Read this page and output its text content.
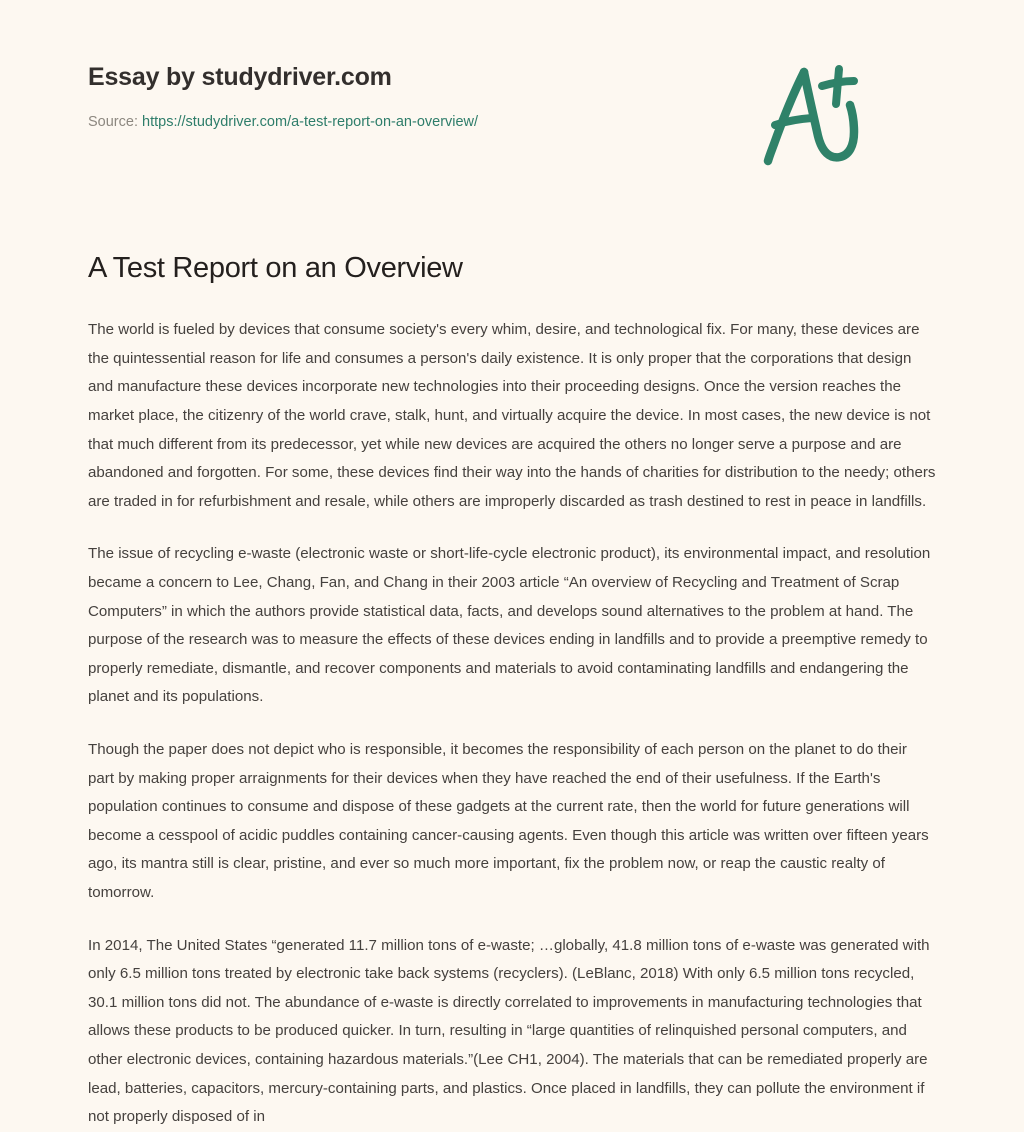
Essay by studydriver.com
Source: https://studydriver.com/a-test-report-on-an-overview/
A Test Report on an Overview

The world is fueled by devices that consume society's every whim, desire, and technological fix. For many, these devices are the quintessential reason for life and consumes a person's daily existence. It is only proper that the corporations that design and manufacture these devices incorporate new technologies into their proceeding designs. Once the version reaches the market place, the citizenry of the world crave, stalk, hunt, and virtually acquire the device. In most cases, the new device is not that much different from its predecessor, yet while new devices are acquired the others no longer serve a purpose and are abandoned and forgotten. For some, these devices find their way into the hands of charities for distribution to the needy; others are traded in for refurbishment and resale, while others are improperly discarded as trash destined to rest in peace in landfills.

The issue of recycling e-waste (electronic waste or short-life-cycle electronic product), its environmental impact, and resolution became a concern to Lee, Chang, Fan, and Chang in their 2003 article “An overview of Recycling and Treatment of Scrap Computers” in which the authors provide statistical data, facts, and develops sound alternatives to the problem at hand. The purpose of the research was to measure the effects of these devices ending in landfills and to provide a preemptive remedy to properly remediate, dismantle, and recover components and materials to avoid contaminating landfills and endangering the planet and its populations.

Though the paper does not depict who is responsible, it becomes the responsibility of each person on the planet to do their part by making proper arraignments for their devices when they have reached the end of their usefulness. If the Earth's population continues to consume and dispose of these gadgets at the current rate, then the world for future generations will become a cesspool of acidic puddles containing cancer-causing agents. Even though this article was written over fifteen years ago, its mantra still is clear, pristine, and ever so much more important, fix the problem now, or reap the caustic realty of tomorrow.

In 2014, The United States “generated 11.7 million tons of e-waste; …globally, 41.8 million tons of e-waste was generated with only 6.5 million tons treated by electronic take back systems (recyclers). (LeBlanc, 2018) With only 6.5 million tons recycled, 30.1 million tons did not. The abundance of e-waste is directly correlated to improvements in manufacturing technologies that allows these products to be produced quicker. In turn, resulting in “large quantities of relinquished personal computers, and other electronic devices, containing hazardous materials.”(Lee CH1, 2004). The materials that can be remediated properly are lead, batteries, capacitors, mercury-containing parts, and plastics. Once placed in landfills, they can pollute the environment if not properly disposed of in
